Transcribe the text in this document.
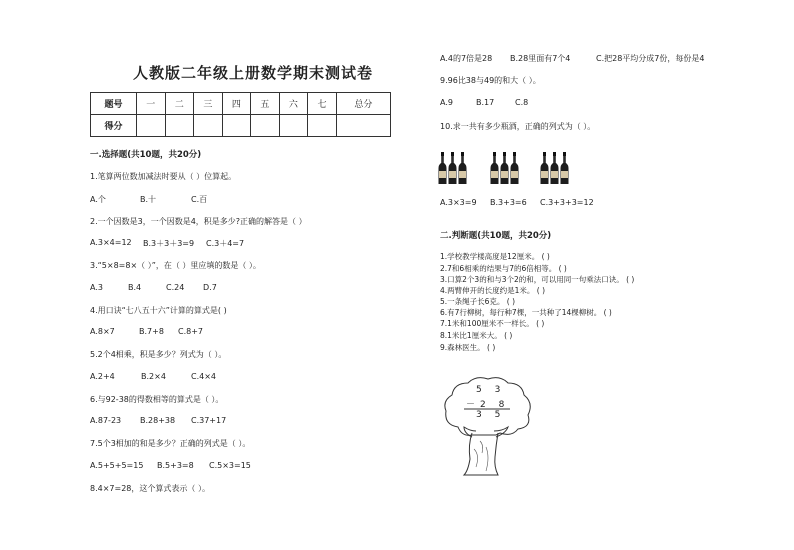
人教版二年级上册数学期末测试卷
题号	一	二	三	四	五	六	七	总分
得分								
一.选择题(共10题，共20分)
1.笔算两位数加减法时要从（ ）位算起。
A.个	B.十	C.百
2.一个因数是3，一个因数是4，积是多少?正确的解答是（ ）
A.3×4=12 B.3＋3＋3=9 C.3＋4=7
3.“5×8=8×（ ）”，在（ ）里应填的数是（ ）。
A.3	B.4	C.24 D.7
4.用口诀“七八五十六”计算的算式是( )
A.8×7	B.7+8 C.8+7
5.2个4相乘，积是多少？列式为（ ）。
A.2+4	B.2×4	C.4×4
6.与92-38的得数相等的算式是（ ）。
A.87-23 B.28+38 C.37+17
7.5个3相加的和是多少？正确的列式是（ ）。
A.5+5+5=15 B.5+3=8 C.5×3=15
8.4×7=28，这个算式表示（ ）。
A.4的7倍是28 B.28里面有7个4	C.把28平均分成7份，每份是4
9.96比38与49的和大（ ）。
A.9	B.17	C.8
10.求一共有多少瓶酒，正确的列式为（ ）。
A.3×3=9 B.3+3=6 C.3+3+3=12
二.判断题(共10题，共20分)
1.学校教学楼高度是12厘米。 ( )
2.7和6相乘的结果与7的6倍相等。 ( )
3.口算2个3的和与3个2的和，可以用同一句乘法口诀。 ( )
4.两臂伸开的长度约是1米。 ( )
5.一条绳子长6克。 ( )
6.有7行柳树，每行种7棵，一共种了14棵柳树。 ( )
7.1米和100厘米不一样长。 ( )
8.1米比1厘米大。 ( )
9.森林医生。 ( )
5 3
－2 8
3 5
